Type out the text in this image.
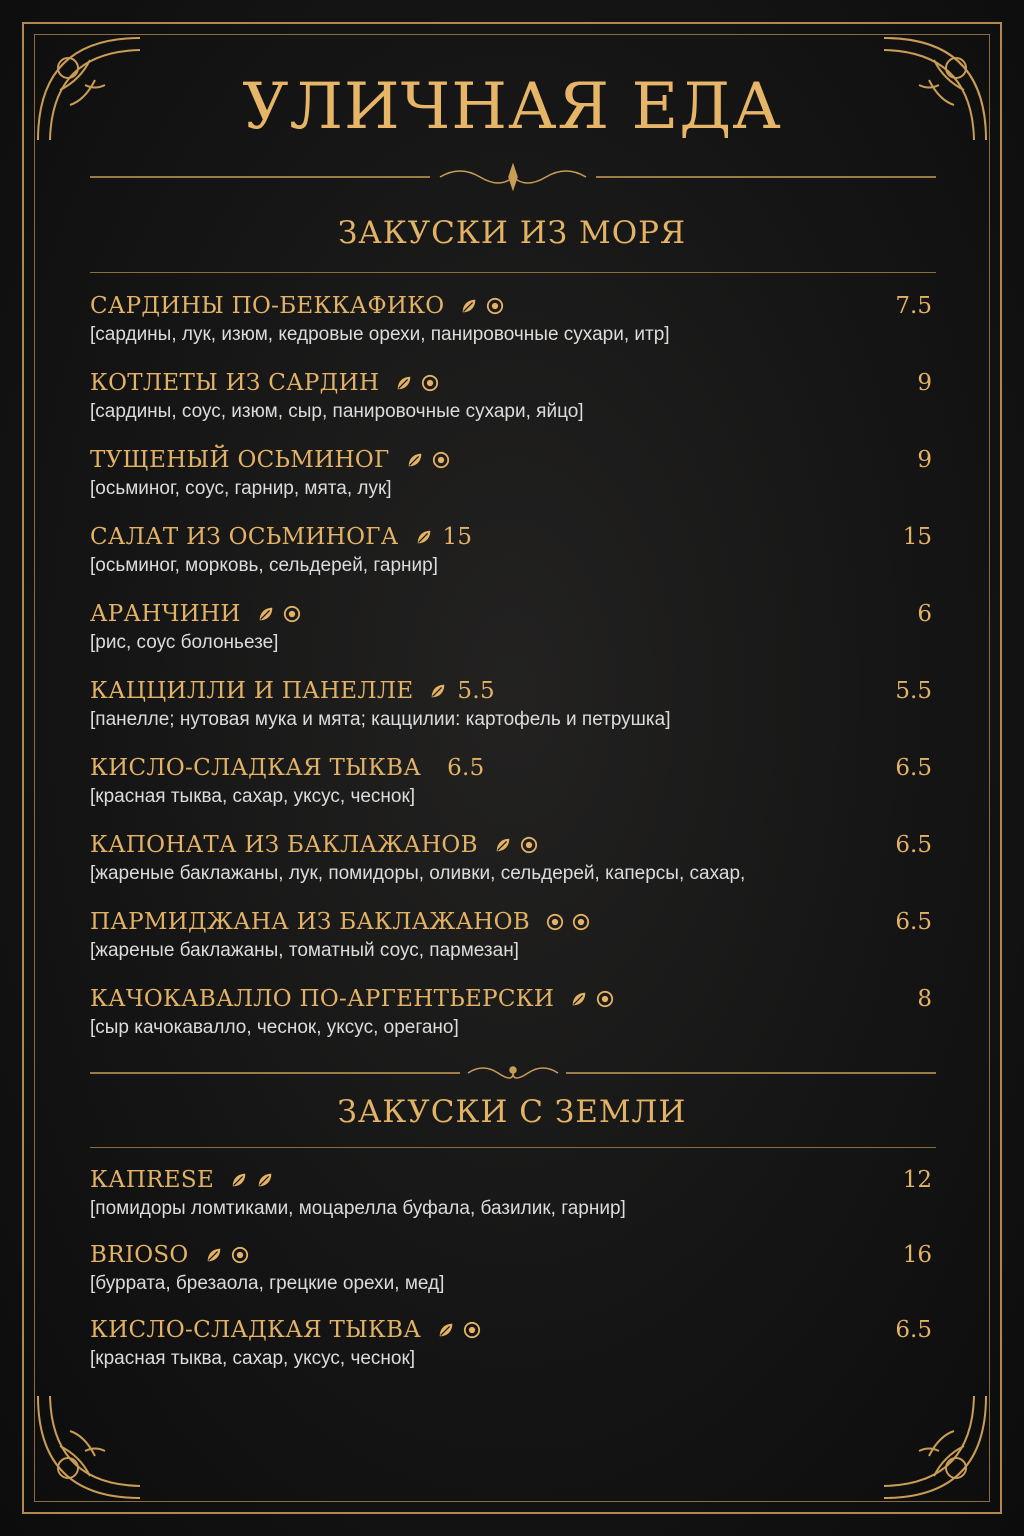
УЛИЧНАЯ ЕДА
ЗАКУСКИ ИЗ МОРЯ
САРДИНЫ ПО-БЕККАФИКО	7.5
[сардины, лук, изюм, кедровые орехи, панировочные сухари, итр]
КОТЛЕТЫ ИЗ САРДИН	9
[сардины, соус, изюм, сыр, панировочные сухари, яйцо]
ТУЩЕНЫЙ ОСЬМИНОГ	9
[осьминог, соус, гарнир, мята, лук]
САЛАТ ИЗ ОСЬМИНОГА 15	15
[осьминог, морковь, сельдерей, гарнир]
АРАНЧИНИ	6
[рис, соус болоньезе]
КАЦЦИЛЛИ И ПАНЕЛЛЕ 5.5	5.5
[панелле; нутовая мука и мята; каццилии: картофель и петрушка]
КИСЛО-СЛАДКАЯ ТЫКВА 6.5	6.5
[красная тыква, сахар, уксус, чеснок]
КАПОНАТА ИЗ БАКЛАЖАНОВ	6.5
[жареные баклажаны, лук, помидоры, оливки, сельдерей, каперсы, сахар,
ПАРМИДЖАНА ИЗ БАКЛАЖАНОВ	6.5
[жареные баклажаны, томатный соус, пармезан]
КАЧОКАВАЛЛО ПО-АРГЕНТЬЕРСКИ	8
[сыр качокавалло, чеснок, уксус, орегано]
ЗАКУСКИ С ЗЕМЛИ
КАПRESE	12
[помидоры ломтиками, моцарелла буфала, базилик, гарнир]
BRIOSO	16
[буррата, брезаола, грецкие орехи, мед]
КИСЛО-СЛАДКАЯ ТЫКВА	6.5
[красная тыква, сахар, уксус, чеснок]
